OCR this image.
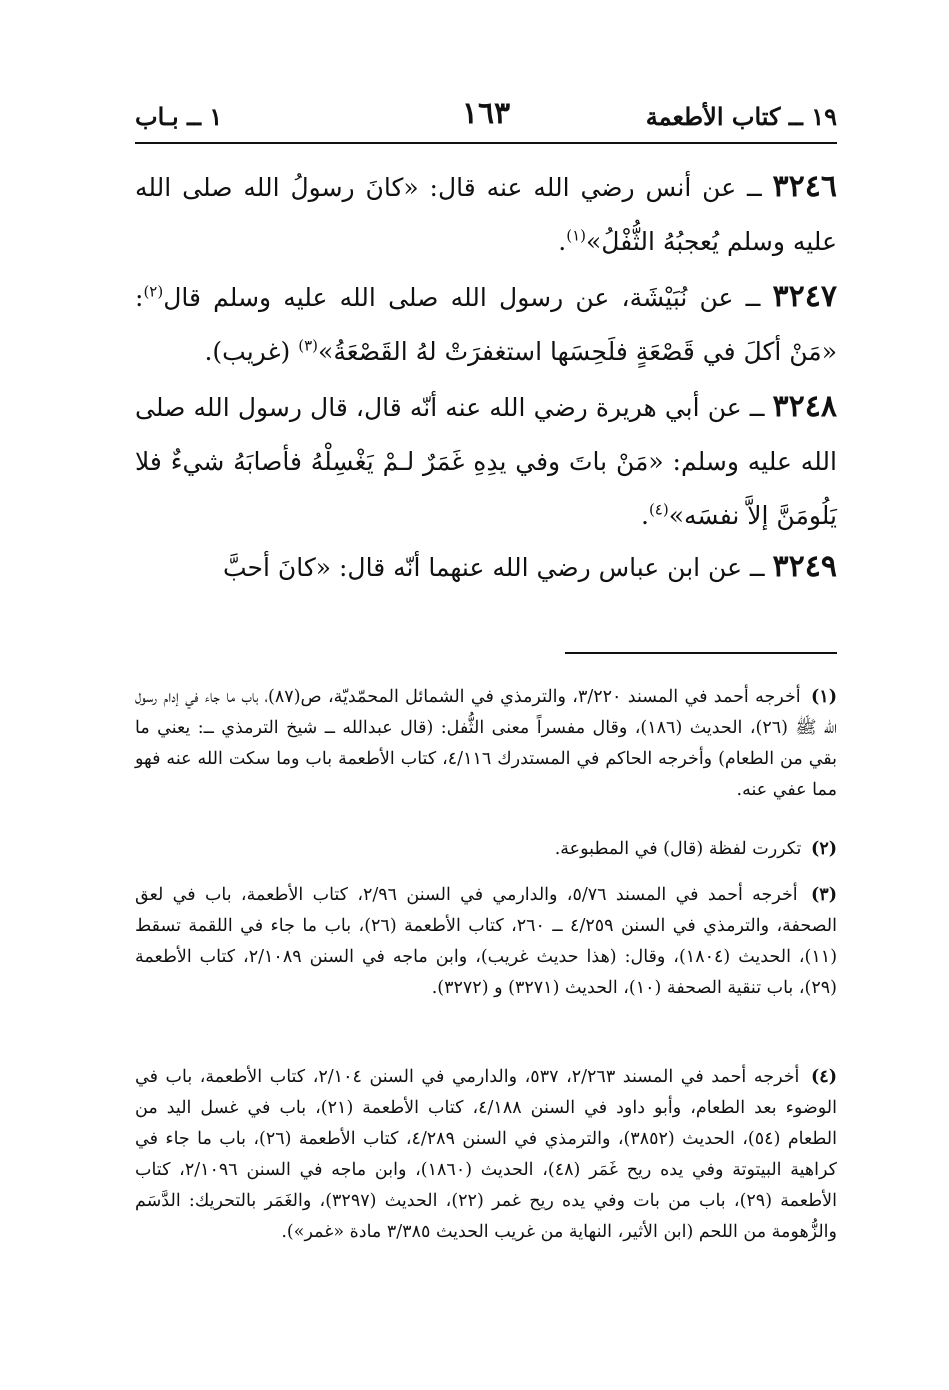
١٩ ــ كتاب الأطعمة
١٦٣
١ ــ بـاب
٣٢٤٦ ــ عن أنس رضي الله عنه قال: «كانَ رسولُ الله صلى الله عليه وسلم يُعجبُهُ الثُّفْلُ»$^{(١)}$.
٣٢٤٧ ــ عن نُبَيْشَة، عن رسول الله صلى الله عليه وسلم قال$^{(٢)}$: «مَنْ أكلَ في قَصْعَةٍ فلَحِسَها استغفرَتْ لهُ القَصْعَةُ»$^{(٣)}$ (غريب).
٣٢٤٨ ــ عن أبي هريرة رضي الله عنه أنّه قال، قال رسول الله صلى الله عليه وسلم: «مَنْ باتَ وفي يدِهِ غَمَرٌ لـمْ يَغْسِلْهُ فأصابَهُ شيءٌ فلا يَلُومَنَّ إلاَّ نفسَه»$^{(٤)}$.
٣٢٤٩ ــ عن ابن عباس رضي الله عنهما أنّه قال: «كانَ أحبَّ
(١) أخرجه أحمد في المسند ٣/٢٢٠، والترمذي في الشمائل المحمّديّة، ص(٨٧)، باب ما جاء في إدام رسول الله ﷺ (٢٦)، الحديث (١٨٦)، وقال مفسراً معنى الثُّفل: (قال عبدالله ــ شيخ الترمذي ــ: يعني ما بقي من الطعام) وأخرجه الحاكم في المستدرك ٤/١١٦، كتاب الأطعمة باب وما سكت الله عنه فهو مما عفي عنه.
(٢) تكررت لفظة (قال) في المطبوعة.
(٣) أخرجه أحمد في المسند ٥/٧٦، والدارمي في السنن ٢/٩٦، كتاب الأطعمة، باب في لعق الصحفة، والترمذي في السنن ٤/٢٥٩ ــ ٢٦٠، كتاب الأطعمة (٢٦)، باب ما جاء في اللقمة تسقط (١١)، الحديث (١٨٠٤)، وقال: (هذا حديث غريب)، وابن ماجه في السنن ٢/١٠٨٩، كتاب الأطعمة (٢٩)، باب تنقية الصحفة (١٠)، الحديث (٣٢٧١) و (٣٢٧٢).
(٤) أخرجه أحمد في المسند ٢/٢٦٣، ٥٣٧، والدارمي في السنن ٢/١٠٤، كتاب الأطعمة، باب في الوضوء بعد الطعام، وأبو داود في السنن ٤/١٨٨، كتاب الأطعمة (٢١)، باب في غسل اليد من الطعام (٥٤)، الحديث (٣٨٥٢)، والترمذي في السنن ٤/٢٨٩، كتاب الأطعمة (٢٦)، باب ما جاء في كراهية البيتوتة وفي يده ريح غَمَر (٤٨)، الحديث (١٨٦٠)، وابن ماجه في السنن ٢/١٠٩٦، كتاب الأطعمة (٢٩)، باب من بات وفي يده ريح غمر (٢٢)، الحديث (٣٢٩٧)، والغَمَر بالتحريك: الدَّسَم والزُّهومة من اللحم (ابن الأثير، النهاية من غريب الحديث ٣/٣٨٥ مادة «غمر»).
